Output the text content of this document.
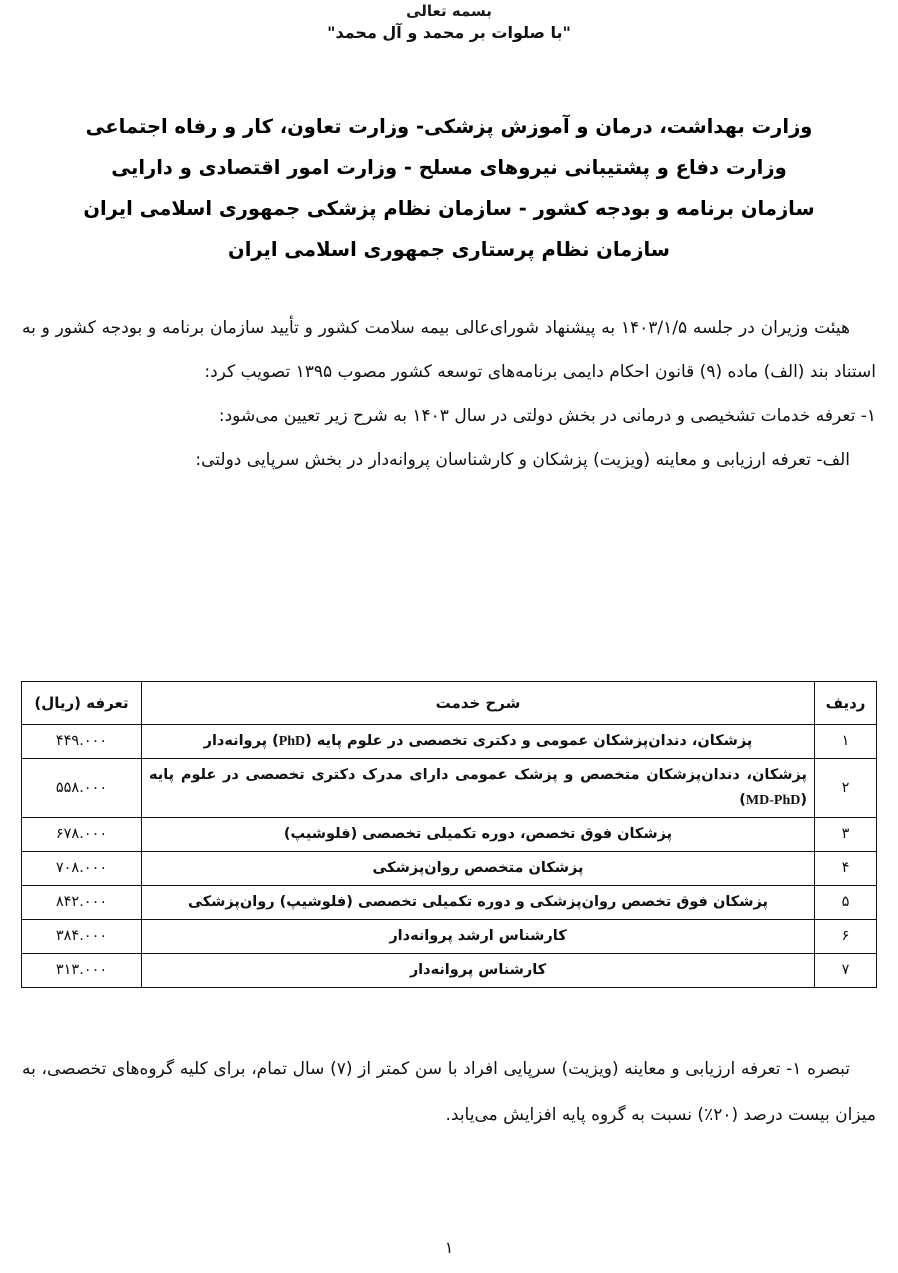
بسمه تعالی
"با صلوات بر محمد و آل محمد"
وزارت بهداشت، درمان و آموزش پزشکی- وزارت تعاون، کار و رفاه اجتماعی
وزارت دفاع و پشتیبانی نیروهای مسلح - وزارت امور اقتصادی و دارایی
سازمان برنامه و بودجه کشور - سازمان نظام پزشکی جمهوری اسلامی ایران
سازمان نظام پرستاری جمهوری اسلامی ایران

هیئت وزیران در جلسه ۱۴۰۳/۱/۵ به پیشنهاد شورای‌عالی بیمه سلامت کشور و تأیید سازمان برنامه و بودجه کشور و به استناد بند (الف) ماده (۹) قانون احکام دایمی برنامه‌های توسعه کشور مصوب ۱۳۹۵ تصویب کرد:

۱- تعرفه خدمات تشخیصی و درمانی در بخش دولتی در سال ۱۴۰۳ به شرح زیر تعیین می‌شود:

الف- تعرفه ارزیابی و معاینه (ویزیت) پزشکان و کارشناسان پروانه‌دار در بخش سرپایی دولتی:

ردیف	شرح خدمت	تعرفه (ریال)
۱	پزشکان، دندان‌پزشکان عمومی و دکتری تخصصی در علوم پایه (PhD) پروانه‌دار	۴۴۹.۰۰۰
۲	پزشکان، دندان‌پزشکان متخصص و پزشک عمومی دارای مدرک دکتری تخصصی در علوم پایه (MD-PhD)	۵۵۸.۰۰۰
۳	پزشکان فوق تخصص، دوره تکمیلی تخصصی (فلوشیپ)	۶۷۸.۰۰۰
۴	پزشکان متخصص روان‌پزشکی	۷۰۸.۰۰۰
۵	پزشکان فوق تخصص روان‌پزشکی و دوره تکمیلی تخصصی (فلوشیپ) روان‌پزشکی	۸۴۲.۰۰۰
۶	کارشناس ارشد پروانه‌دار	۳۸۴.۰۰۰
۷	کارشناس پروانه‌دار	۳۱۳.۰۰۰

تبصره ۱- تعرفه ارزیابی و معاینه (ویزیت) سرپایی افراد با سن کمتر از (۷) سال تمام، برای کلیه گروه‌های تخصصی، به میزان بیست درصد (۲۰٪) نسبت به گروه پایه افزایش می‌یابد.

۱
